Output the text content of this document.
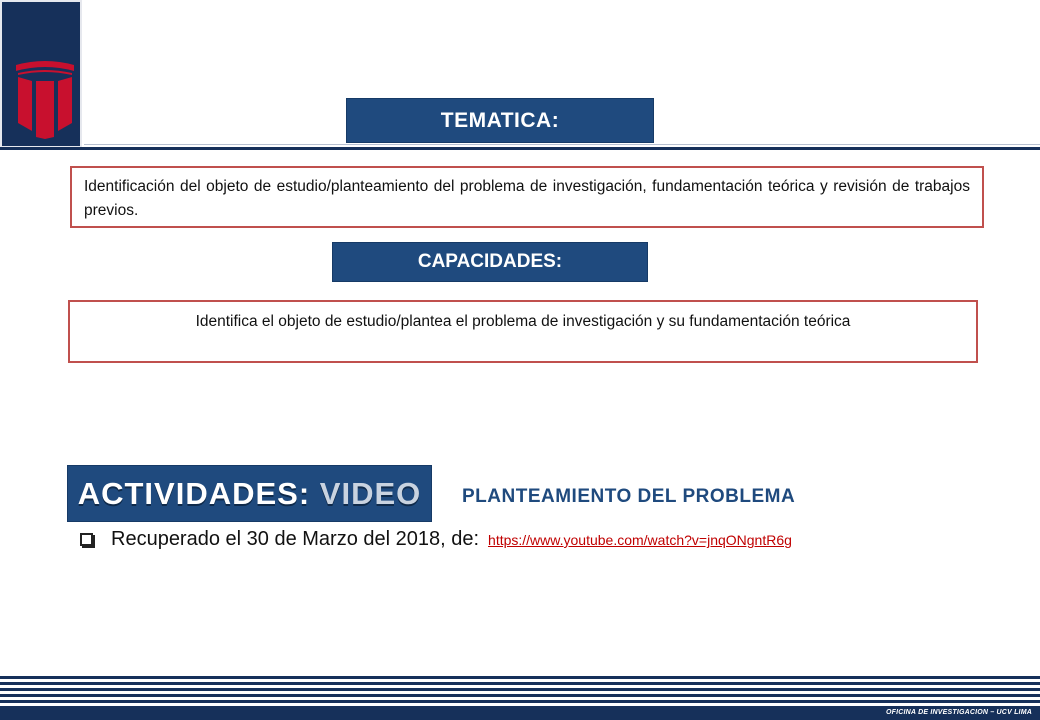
TEMATICA:
Identificación del objeto de estudio/planteamiento del problema de investigación, fundamentación teórica y revisión de trabajos previos.
CAPACIDADES:
Identifica el objeto de estudio/plantea el problema de investigación y su fundamentación teórica
ACTIVIDADES:
VIDEO PLANTEAMIENTO DEL PROBLEMA
Recuperado el 30 de Marzo del 2018, de: https://www.youtube.com/watch?v=jnqONgntR6g
OFICINA DE INVESTIGACION – UCV LIMA
